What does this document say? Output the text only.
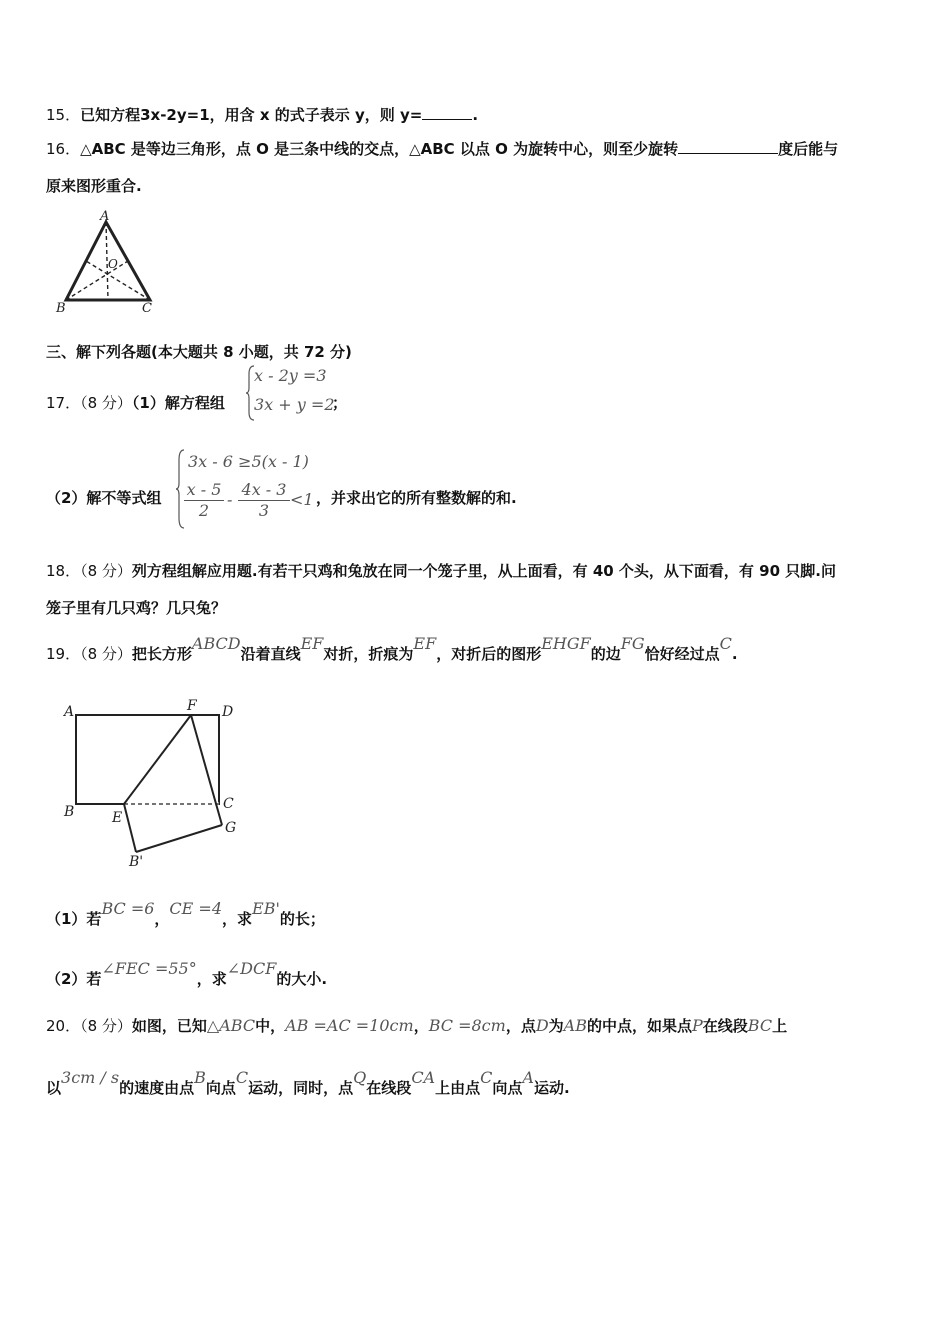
15．已知方程3x-2y=1，用含 x 的式子表示 y，则 y=	.
16．△ABC 是等边三角形，点 O 是三条中线的交点，△ABC 以点 O 为旋转中心，则至少旋转	度后能与
原来图形重合.
A
B	C
O
三、解下列各题(本大题共 8 小题，共 72 分)
17．（8 分）（1）解方程组
x - 2y =3
3x + y =2
；
（2）解不等式组
3x - 6 ≥5(x - 1)
$\frac{x - 5}{2} - \frac{4x - 3}{3} <1$ ，并求出它的所有整数解的和.
18．（8 分）列方程组解应用题.有若干只鸡和兔放在同一个笼子里，从上面看，有 40 个头，从下面看，有 90 只脚.问
笼子里有几只鸡？几只兔？
19．（8 分）把长方形ABCD沿着直线EF对折，折痕为EF，对折后的图形EHGF的边FG恰好经过点C.
A	F D
B	E
C
G
B'
（1）若BC =6，CE =4，求EB'的长；
（2）若∠FEC =55°，求∠DCF的大小.
20．（8 分）如图，已知△ABC中，AB =AC =10cm，BC =8cm，点D为AB的中点，如果点P在线段BC上
以3cm / s的速度由点B向点C运动，同时，点Q在线段CA上由点C向点A运动.
